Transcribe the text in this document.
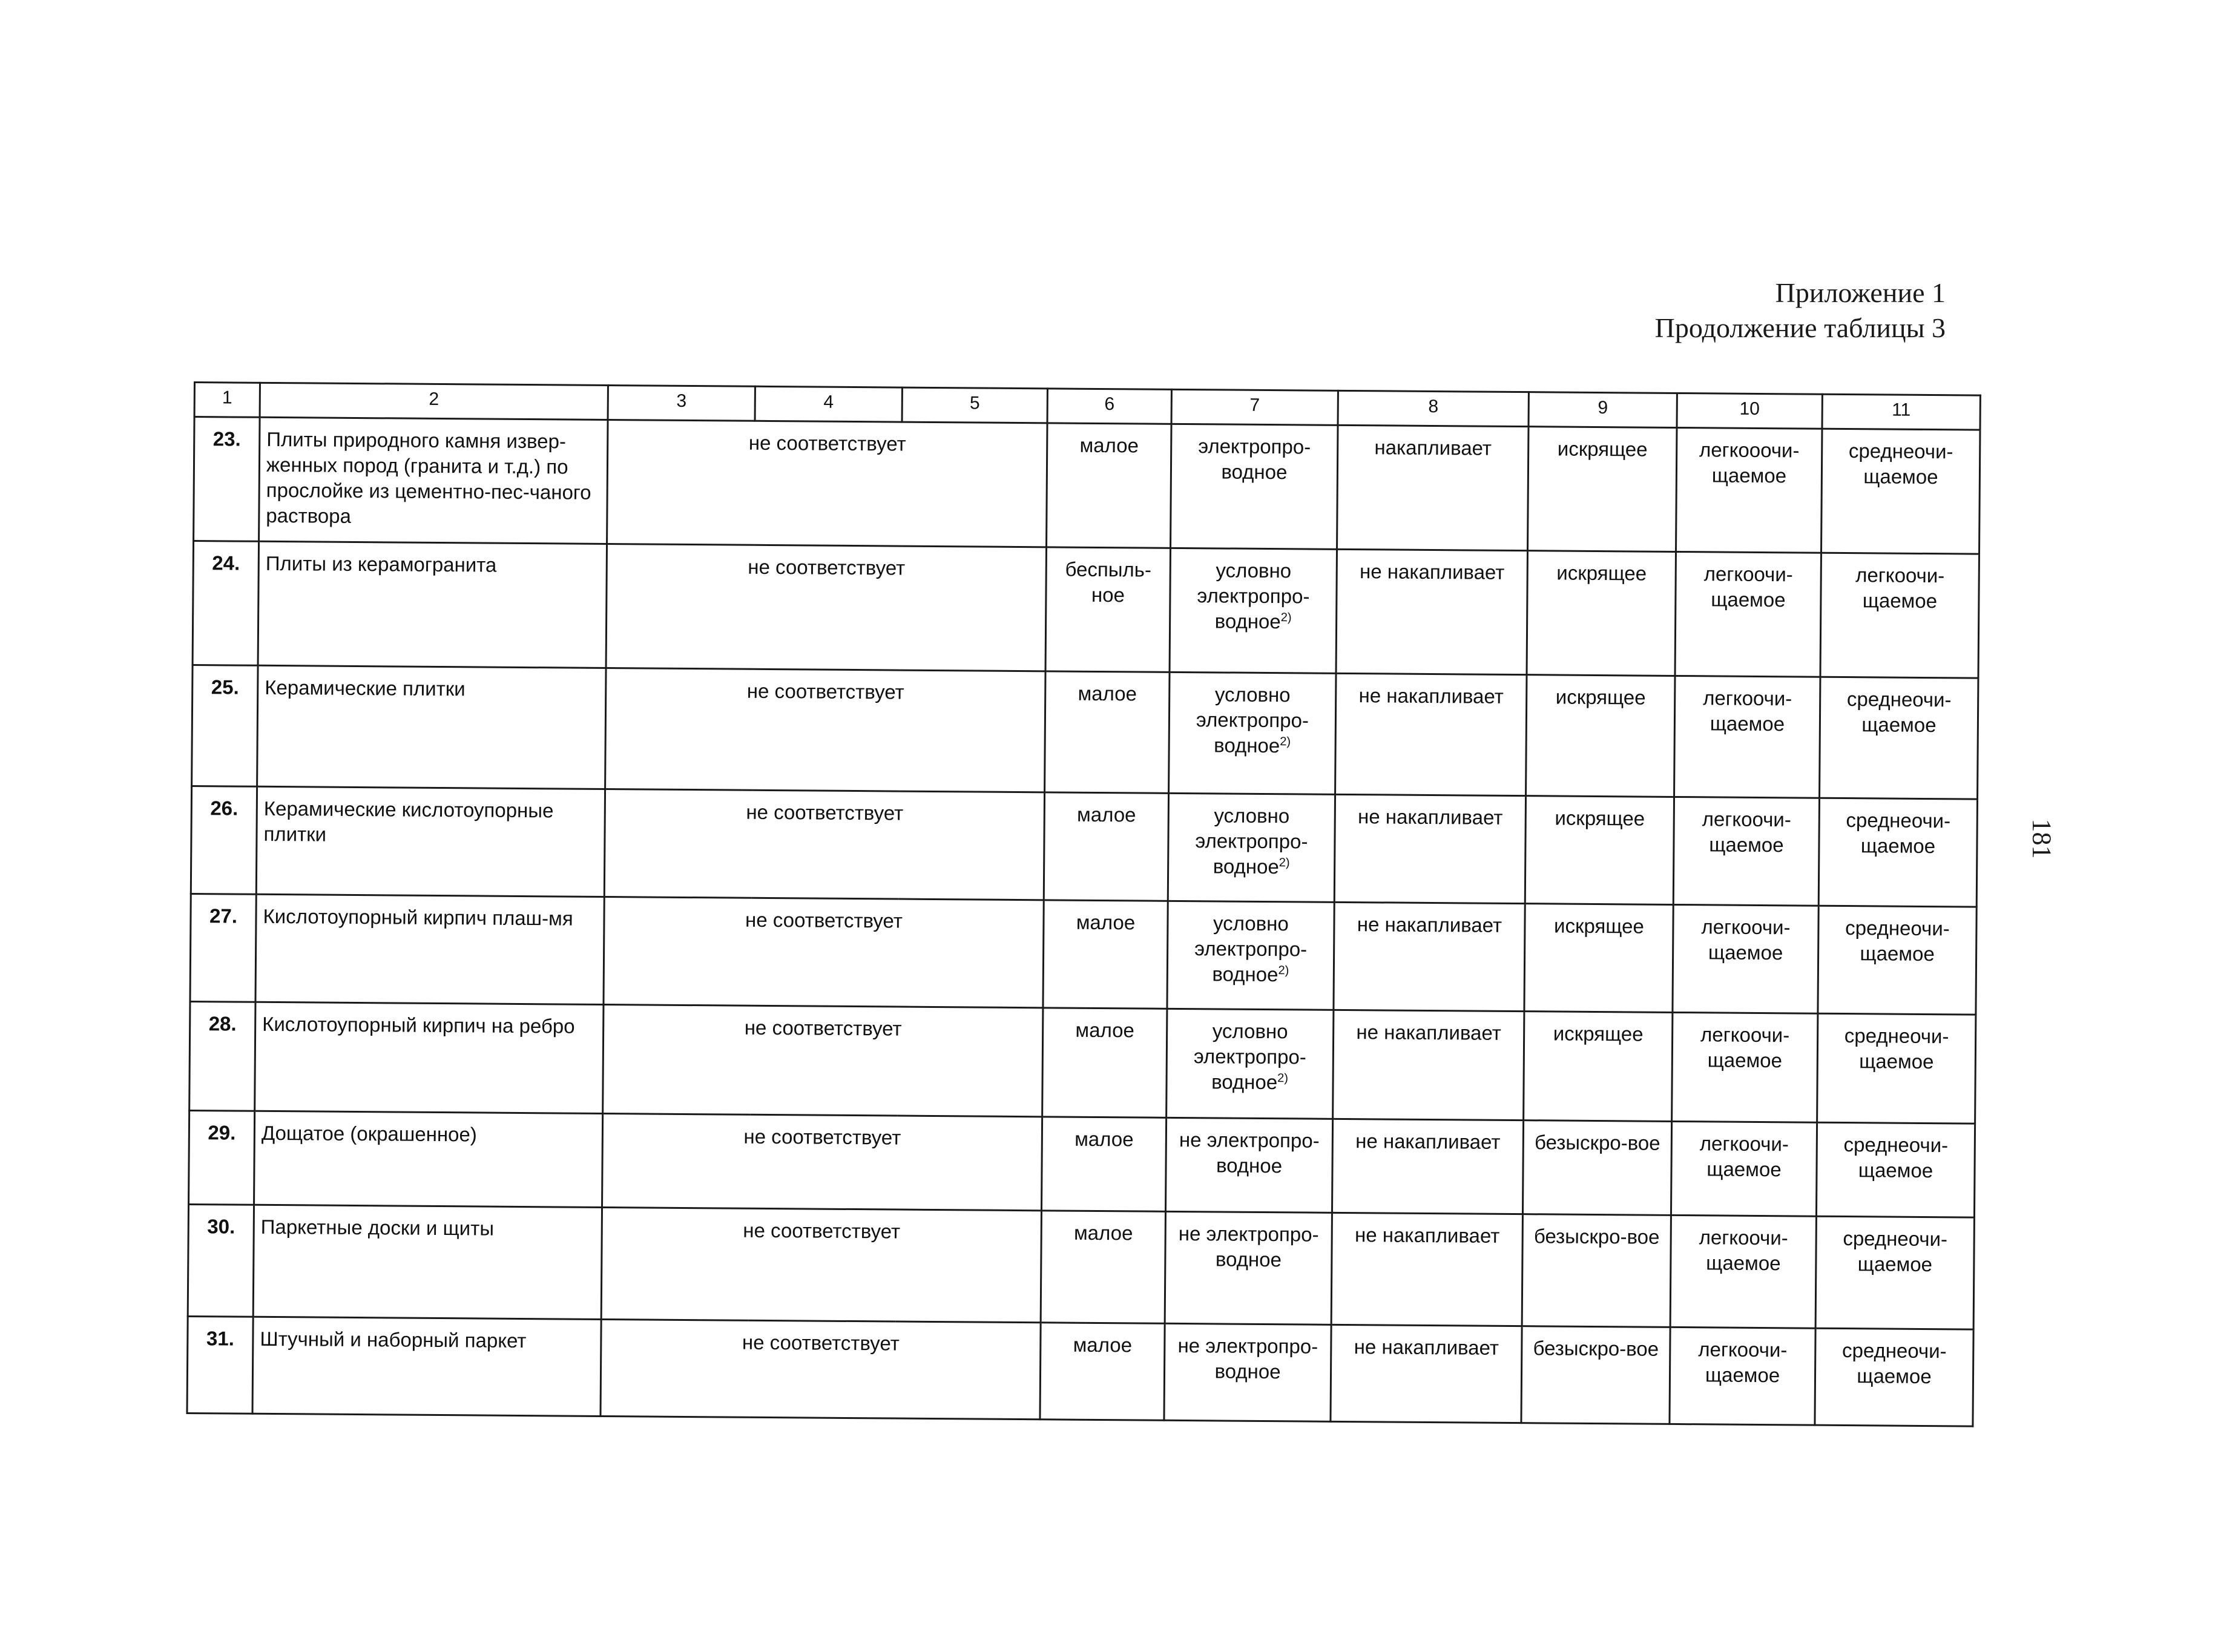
Приложение 1
Продолжение таблицы 3
181
1	2	3	4	5	6	7	8	9	10	11
23.	Плиты природного камня извер-женных пород (гранита и т.д.) по прослойке из цементно-пес-чаного раствора	не соответствует			малое	электропро-водное	накапливает	искрящее	легкооочи-щаемое	среднеочи-щаемое
24.	Плиты из керамогранита	не соответствует			беспыль-ное	условно электропро-водное$^{2)}$	не накапливает	искрящее	легкоочи-щаемое	легкоочи-щаемое
25.	Керамические плитки	не соответствует			малое	условно электропро-водное$^{2)}$	не накапливает	искрящее	легкоочи-щаемое	среднеочи-щаемое
26.	Керамические кислотоупорные плитки	не соответствует			малое	условно электропро-водное$^{2)}$	не накапливает	искрящее	легкоочи-щаемое	среднеочи-щаемое
27.	Кислотоупорный кирпич плаш-мя	не соответствует			малое	условно электропро-водное$^{2)}$	не накапливает	искрящее	легкоочи-щаемое	среднеочи-щаемое
28.	Кислотоупорный кирпич на ребро	не соответствует			малое	условно электропро-водное$^{2)}$	не накапливает	искрящее	легкоочи-щаемое	среднеочи-щаемое
29.	Дощатое (окрашенное)	не соответствует			малое	не электропро-водное	не накапливает	безыскро-вое	легкоочи-щаемое	среднеочи-щаемое
30.	Паркетные доски и щиты	не соответствует			малое	не электропро-водное	не накапливает	безыскро-вое	легкоочи-щаемое	среднеочи-щаемое
31.	Штучный и наборный паркет	не соответствует			малое	не электропро-водное	не накапливает	безыскро-вое	легкоочи-щаемое	среднеочи-щаемое
